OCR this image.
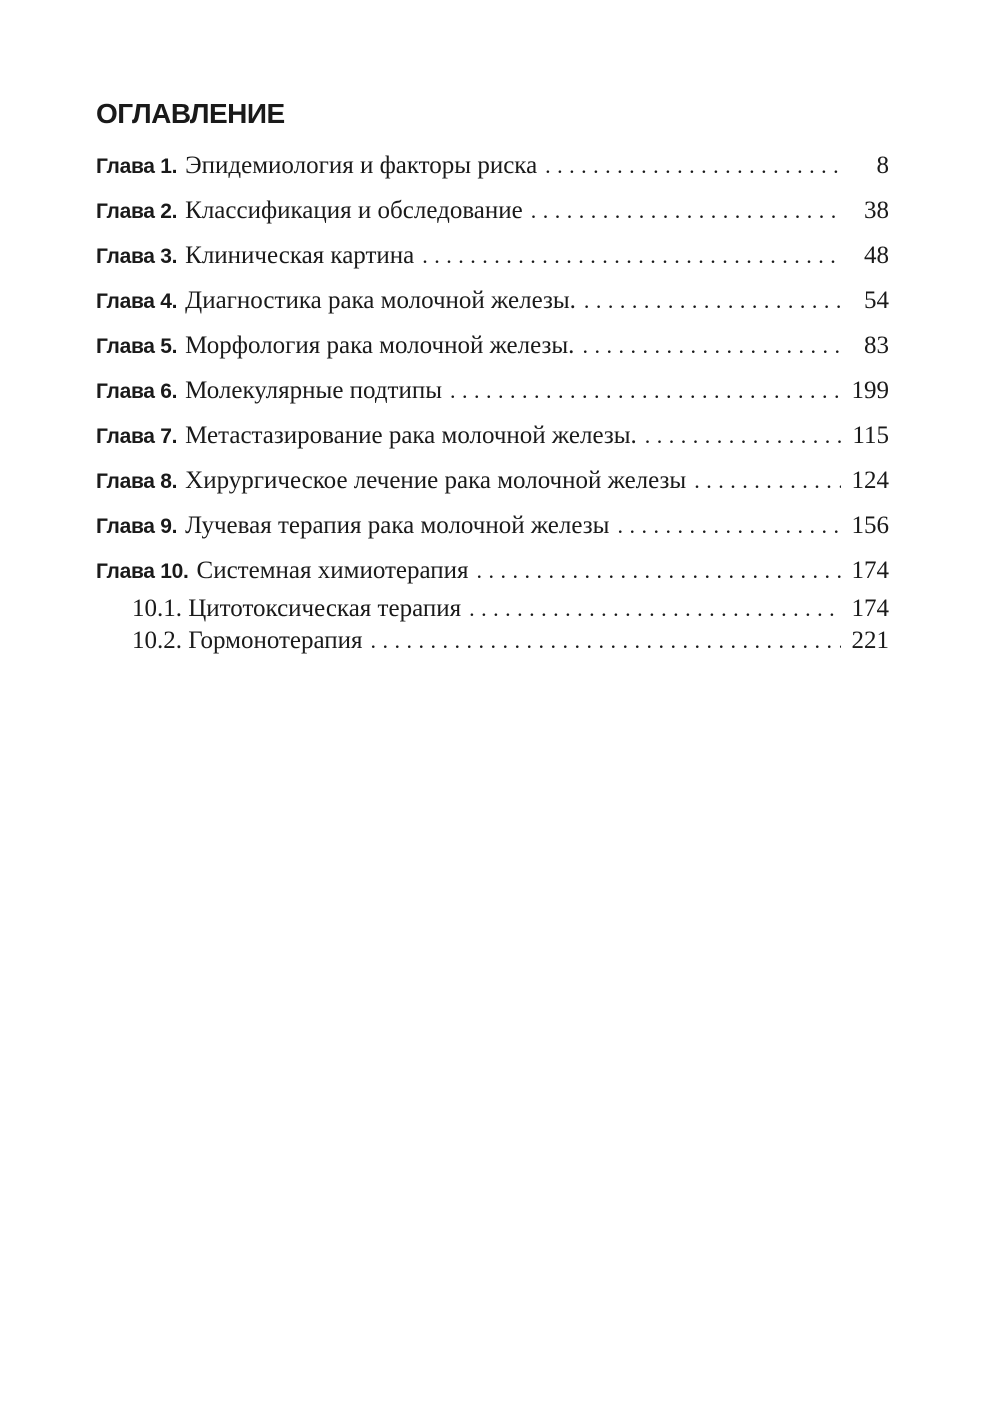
ОГЛАВЛЕНИЕ
Глава 1. Эпидемиология и факторы риска . . .	8
Глава 2. Классификация и обследование . . .	38
Глава 3. Клиническая картина . . .	48
Глава 4. Диагностика рака молочной железы. . . .	54
Глава 5. Морфология рака молочной железы. . . .	83
Глава 6. Молекулярные подтипы . . .	199
Глава 7. Метастазирование рака молочной железы. . . .	115
Глава 8. Хирургическое лечение рака молочной железы . . .	124
Глава 9. Лучевая терапия рака молочной железы . . .	156
Глава 10. Системная химиотерапия . . .	174
10.1. Цитотоксическая терапия . . .	174
10.2. Гормонотерапия . . .	221
